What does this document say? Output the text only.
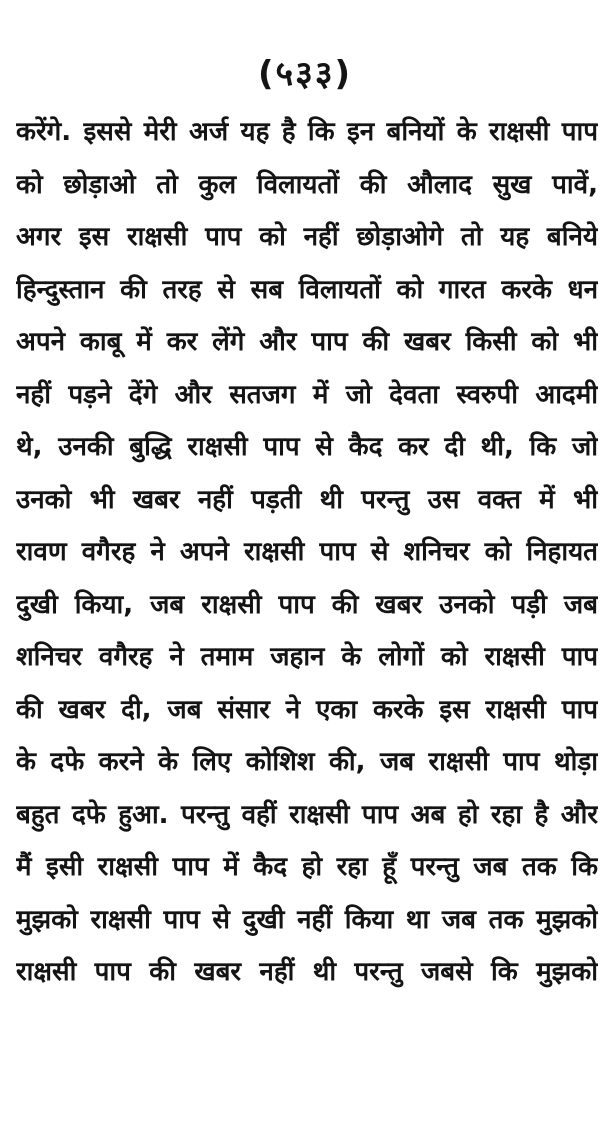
(५३३)
करेंगे. इससे मेरी अर्ज यह है कि इन बनियों के राक्षसी पाप
को छोड़ाओ तो कुल विलायतों की औलाद सुख पावें,
अगर इस राक्षसी पाप को नहीं छोड़ाओगे तो यह बनिये
हिन्दुस्तान की तरह से सब विलायतों को गारत करके धन
अपने काबू में कर लेंगे और पाप की खबर किसी को भी
नहीं पड़ने देंगे और सतजग में जो देवता स्वरुपी आदमी
थे, उनकी बुद्धि राक्षसी पाप से कैद कर दी थी, कि जो
उनको भी खबर नहीं पड़ती थी परन्तु उस वक्त में भी
रावण वगैरह ने अपने राक्षसी पाप से शनिचर को निहायत
दुखी किया, जब राक्षसी पाप की खबर उनको पड़ी जब
शनिचर वगैरह ने तमाम जहान के लोगों को राक्षसी पाप
की खबर दी, जब संसार ने एका करके इस राक्षसी पाप
के दफे करने के लिए कोशिश की, जब राक्षसी पाप थोड़ा
बहुत दफे हुआ. परन्तु वहीं राक्षसी पाप अब हो रहा है और
मैं इसी राक्षसी पाप में कैद हो रहा हूँ परन्तु जब तक कि
मुझको राक्षसी पाप से दुखी नहीं किया था जब तक मुझको
राक्षसी पाप की खबर नहीं थी परन्तु जबसे कि मुझको
